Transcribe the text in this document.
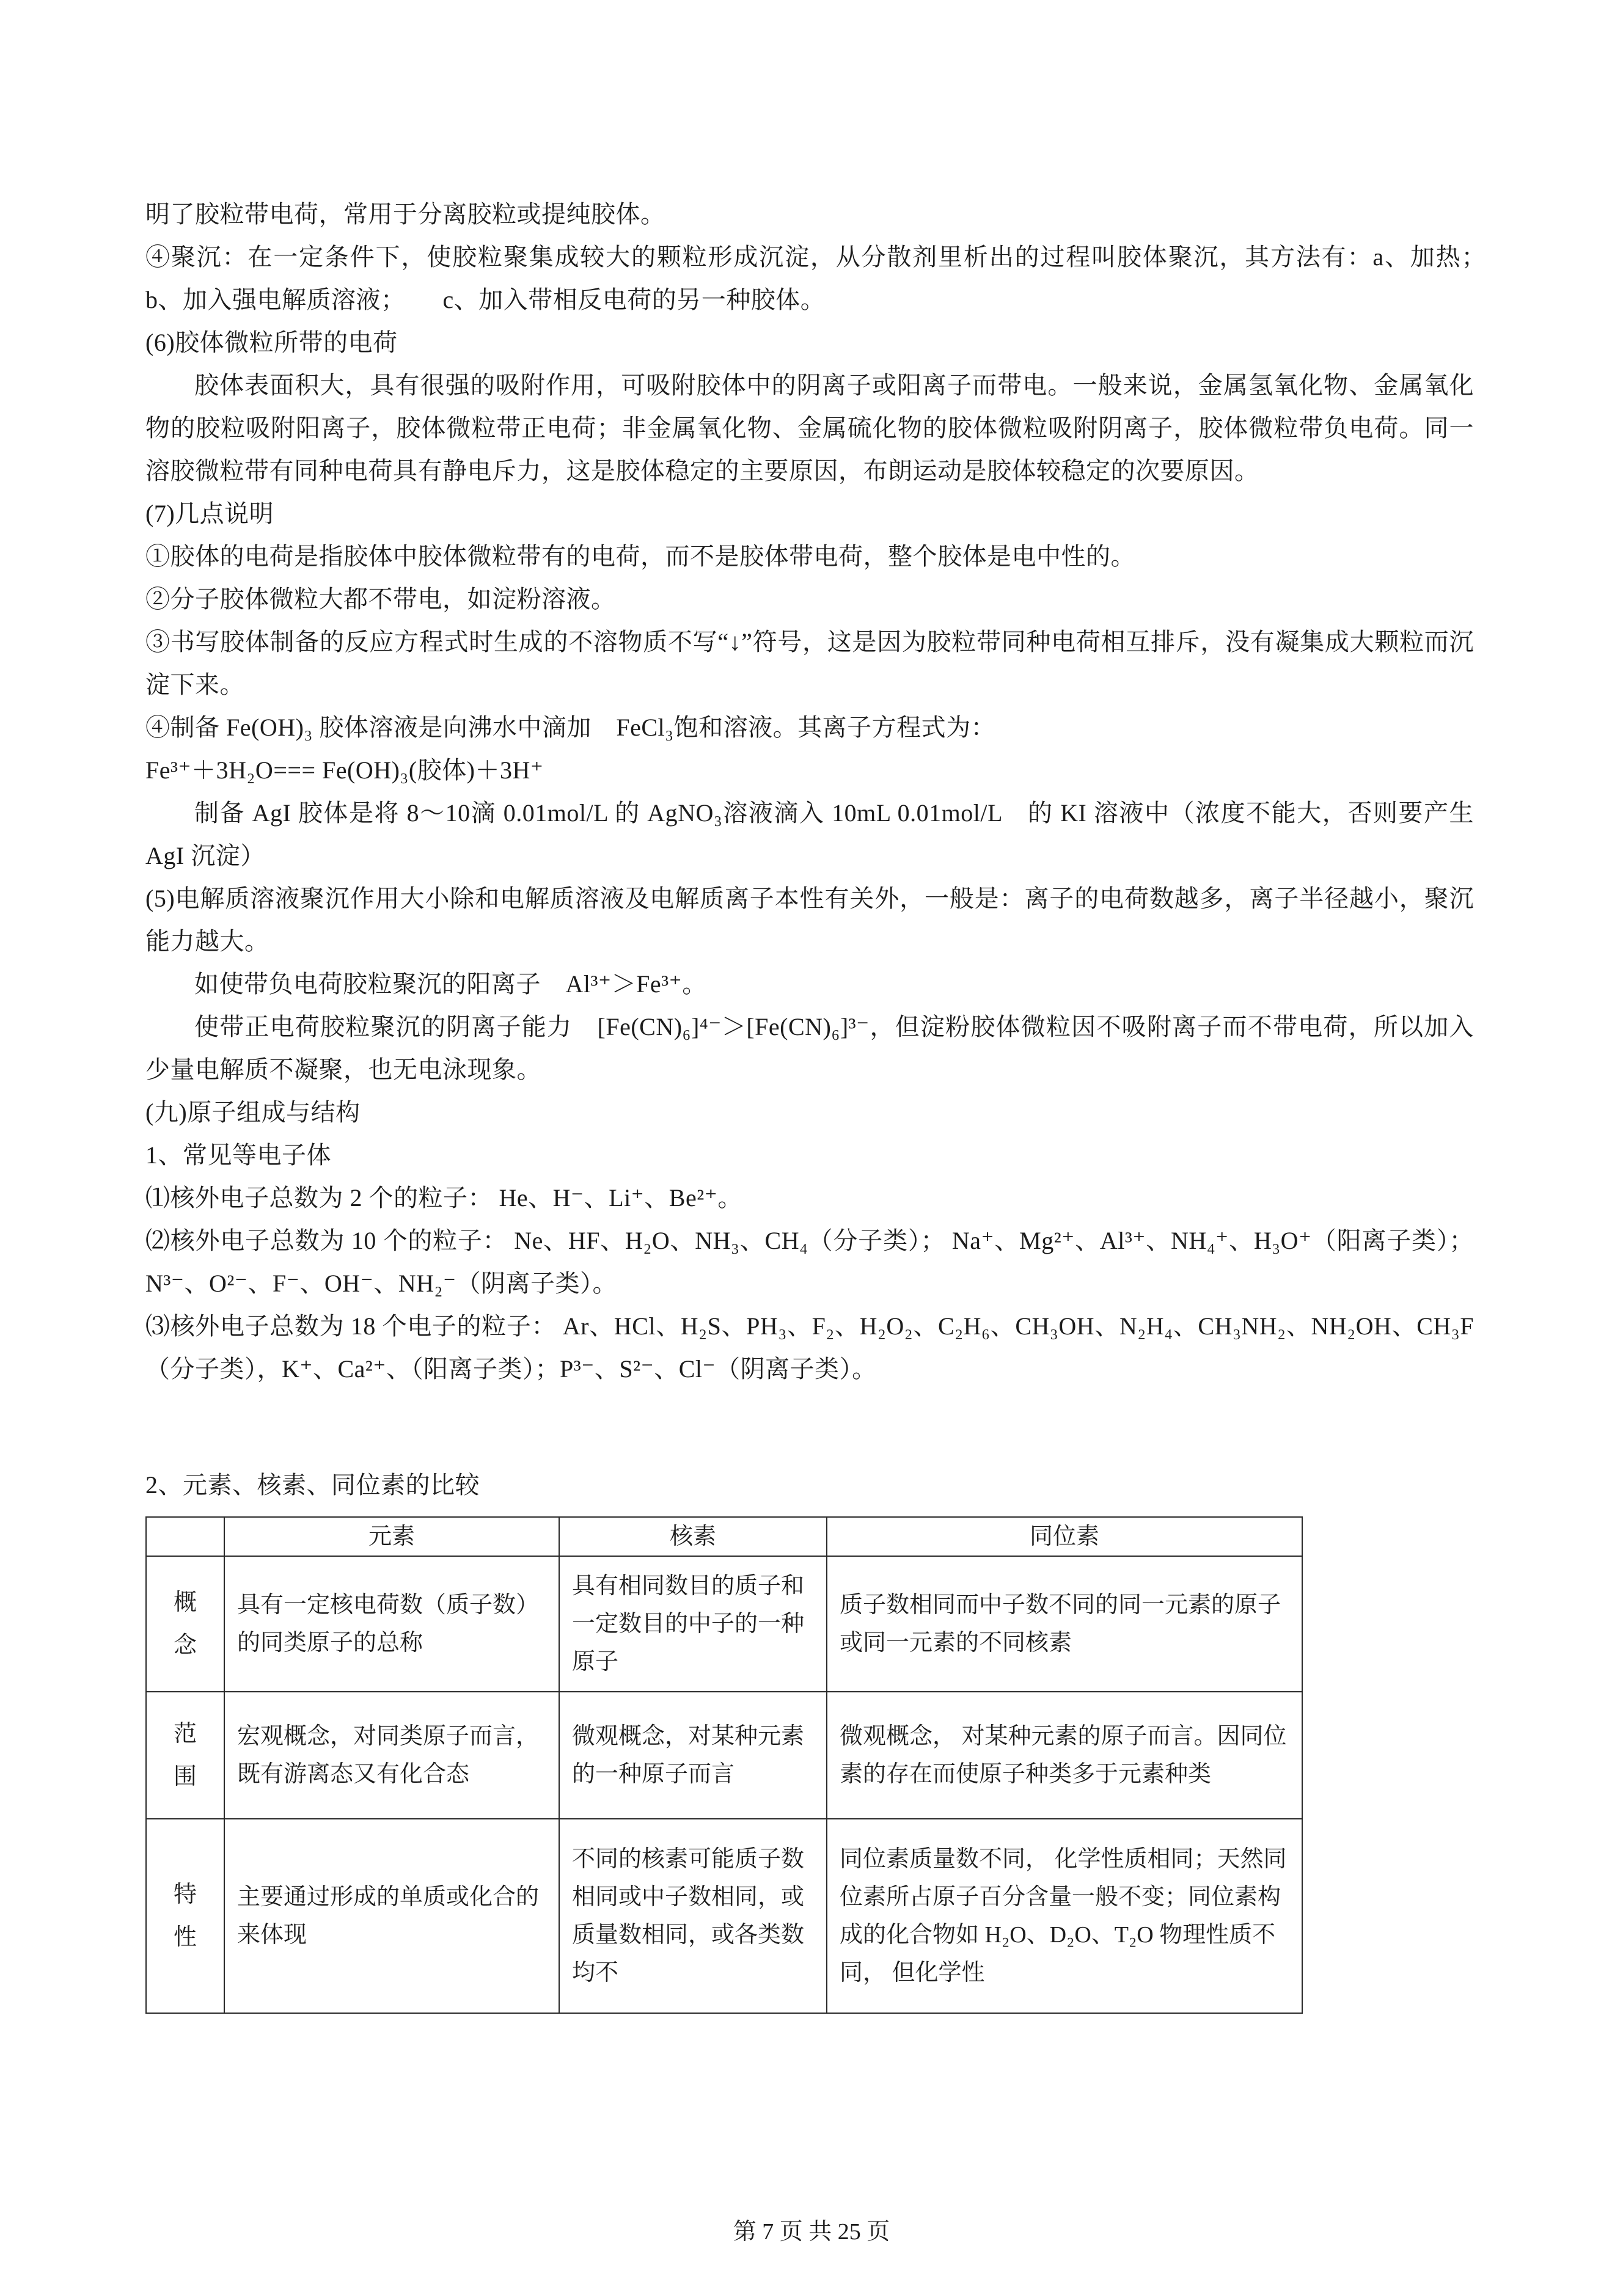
明了胶粒带电荷，常用于分离胶粒或提纯胶体。

④聚沉：在一定条件下，使胶粒聚集成较大的颗粒形成沉淀，从分散剂里析出的过程叫胶体聚沉，其方法有：a、加热；　b、加入强电解质溶液；　　c、加入带相反电荷的另一种胶体。

(6)胶体微粒所带的电荷

胶体表面积大，具有很强的吸附作用，可吸附胶体中的阴离子或阳离子而带电。一般来说，金属氢氧化物、金属氧化物的胶粒吸附阳离子，胶体微粒带正电荷；非金属氧化物、金属硫化物的胶体微粒吸附阴离子，胶体微粒带负电荷。同一溶胶微粒带有同种电荷具有静电斥力，这是胶体稳定的主要原因，布朗运动是胶体较稳定的次要原因。

(7)几点说明

①胶体的电荷是指胶体中胶体微粒带有的电荷，而不是胶体带电荷，整个胶体是电中性的。

②分子胶体微粒大都不带电，如淀粉溶液。

③书写胶体制备的反应方程式时生成的不溶物质不写“↓”符号，这是因为胶粒带同种电荷相互排斥，没有凝集成大颗粒而沉淀下来。

④制备 Fe(OH)₃ 胶体溶液是向沸水中滴加　FeCl₃饱和溶液。其离子方程式为：

Fe³⁺＋3H₂O=== Fe(OH)₃(胶体)＋3H⁺

制备 AgI 胶体是将 8～10滴 0.01mol/L 的 AgNO₃溶液滴入 10mL 0.01mol/L　的 KI 溶液中（浓度不能大，否则要产生 AgI 沉淀）

(5)电解质溶液聚沉作用大小除和电解质溶液及电解质离子本性有关外，一般是：离子的电荷数越多，离子半径越小，聚沉能力越大。

如使带负电荷胶粒聚沉的阳离子　Al³⁺＞Fe³⁺。

使带正电荷胶粒聚沉的阴离子能力　[Fe(CN)₆]⁴⁻＞[Fe(CN)₆]³⁻，但淀粉胶体微粒因不吸附离子而不带电荷，所以加入少量电解质不凝聚，也无电泳现象。

(九)原子组成与结构

1、常见等电子体

⑴核外电子总数为 2 个的粒子： He、H⁻、Li⁺、Be²⁺。

⑵核外电子总数为 10 个的粒子： Ne、HF、H₂O、NH₃、CH₄（分子类）； Na⁺、Mg²⁺、Al³⁺、NH₄⁺、H₃O⁺（阳离子类）；N³⁻、O²⁻、F⁻、OH⁻、NH₂⁻（阴离子类）。

⑶核外电子总数为 18 个电子的粒子： Ar、HCl、H₂S、PH₃、F₂、H₂O₂、C₂H₆、CH₃OH、N₂H₄、CH₃NH₂、NH₂OH、CH₃F（分子类），K⁺、Ca²⁺、（阳离子类）；P³⁻、S²⁻、Cl⁻（阴离子类）。

2、元素、核素、同位素的比较

	元素	核素	同位素
概念	具有一定核电荷数（质子数）的同类原子的总称	具有相同数目的质子和一定数目的中子的一种原子	质子数相同而中子数不同的同一元素的原子或同一元素的不同核素
范围	宏观概念，对同类原子而言，既有游离态又有化合态	微观概念，对某种元素的一种原子而言	微观概念， 对某种元素的原子而言。因同位素的存在而使原子种类多于元素种类
特性	主要通过形成的单质或化合的来体现	不同的核素可能质子数相同或中子数相同，或质量数相同，或各类数均不	同位素质量数不同， 化学性质相同；天然同位素所占原子百分含量一般不变；同位素构成的化合物如 H₂O、D₂O、T₂O 物理性质不同， 但化学性
第 7 页 共 25 页
